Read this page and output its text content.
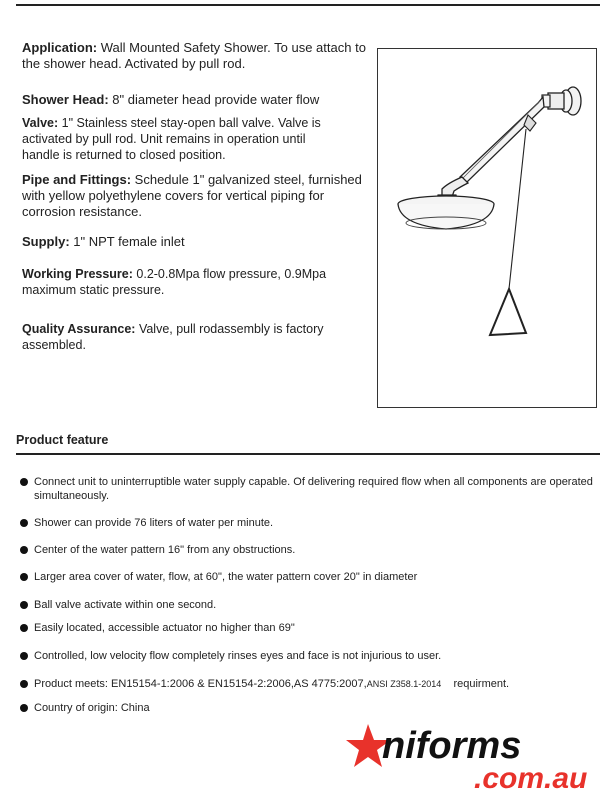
Application: Wall Mounted Safety Shower. To use attach to the shower head. Activated by pull rod.

Shower Head: 8" diameter head provide water flow

Valve: 1" Stainless steel stay-open ball valve. Valve is activated by pull rod. Unit remains in operation until handle is returned to closed position.

Pipe and Fittings: Schedule 1" galvanized steel, furnished with yellow polyethylene covers for vertical piping for corrosion resistance.

Supply: 1" NPT female inlet

Working Pressure: 0.2-0.8Mpa flow pressure, 0.9Mpa maximum static pressure.

Quality Assurance: Valve, pull rodassembly is factory assembled.

Product feature

Connect unit to uninterruptible water supply capable. Of delivering required flow when all components are operated simultaneously.
Shower can provide 76 liters of water per minute.
Center of the water pattern 16" from any obstructions.
Larger area cover of water, flow, at 60", the water pattern cover 20" in diameter
Ball valve activate within one second.
Easily located, accessible actuator no higher than 69"
Controlled, low velocity flow completely rinses eyes and face is not injurious to user.
Product meets: EN15154-1:2006 & EN15154-2:2006,AS 4775:2007,ANSI Z358.1-2014 requirment.
Country of origin: China
niforms
.com.au
